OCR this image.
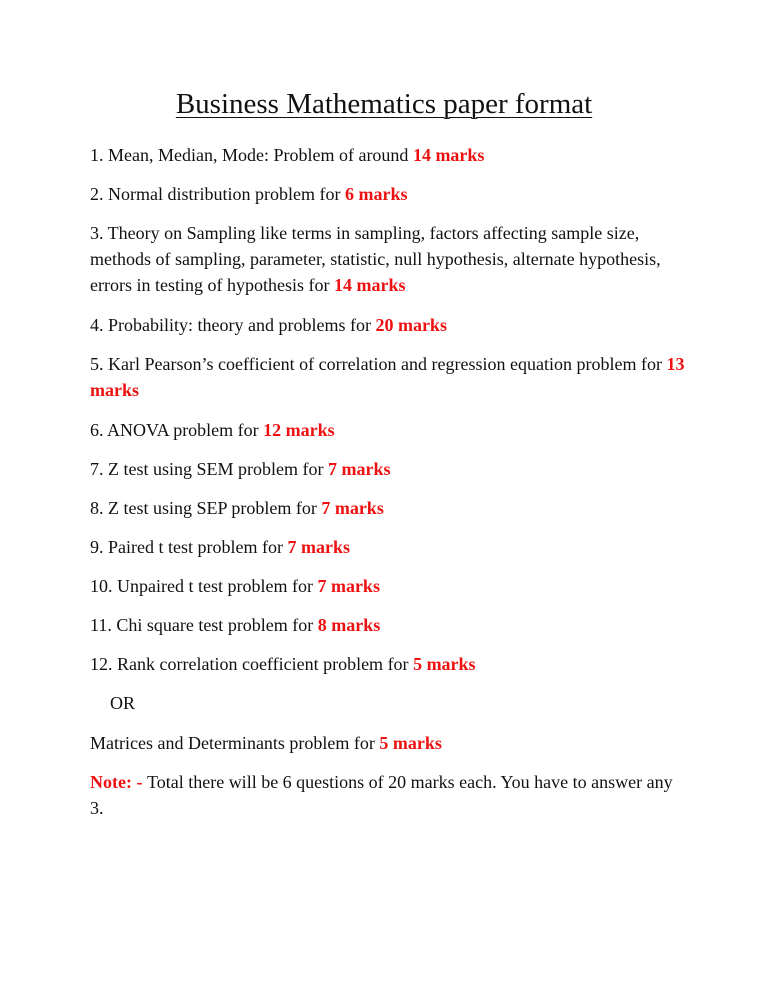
Business Mathematics paper format

1. Mean, Median, Mode: Problem of around 14 marks

2. Normal distribution problem for 6 marks

3. Theory on Sampling like terms in sampling, factors affecting sample size, methods of sampling, parameter, statistic, null hypothesis, alternate hypothesis, errors in testing of hypothesis for 14 marks

4. Probability: theory and problems for 20 marks

5. Karl Pearson’s coefficient of correlation and regression equation problem for 13 marks

6. ANOVA problem for 12 marks

7. Z test using SEM problem for 7 marks

8. Z test using SEP problem for 7 marks

9. Paired t test problem for 7 marks

10. Unpaired t test problem for 7 marks

11. Chi square test problem for 8 marks

12. Rank correlation coefficient problem for 5 marks

OR

Matrices and Determinants problem for 5 marks

Note: - Total there will be 6 questions of 20 marks each. You have to answer any 3.
